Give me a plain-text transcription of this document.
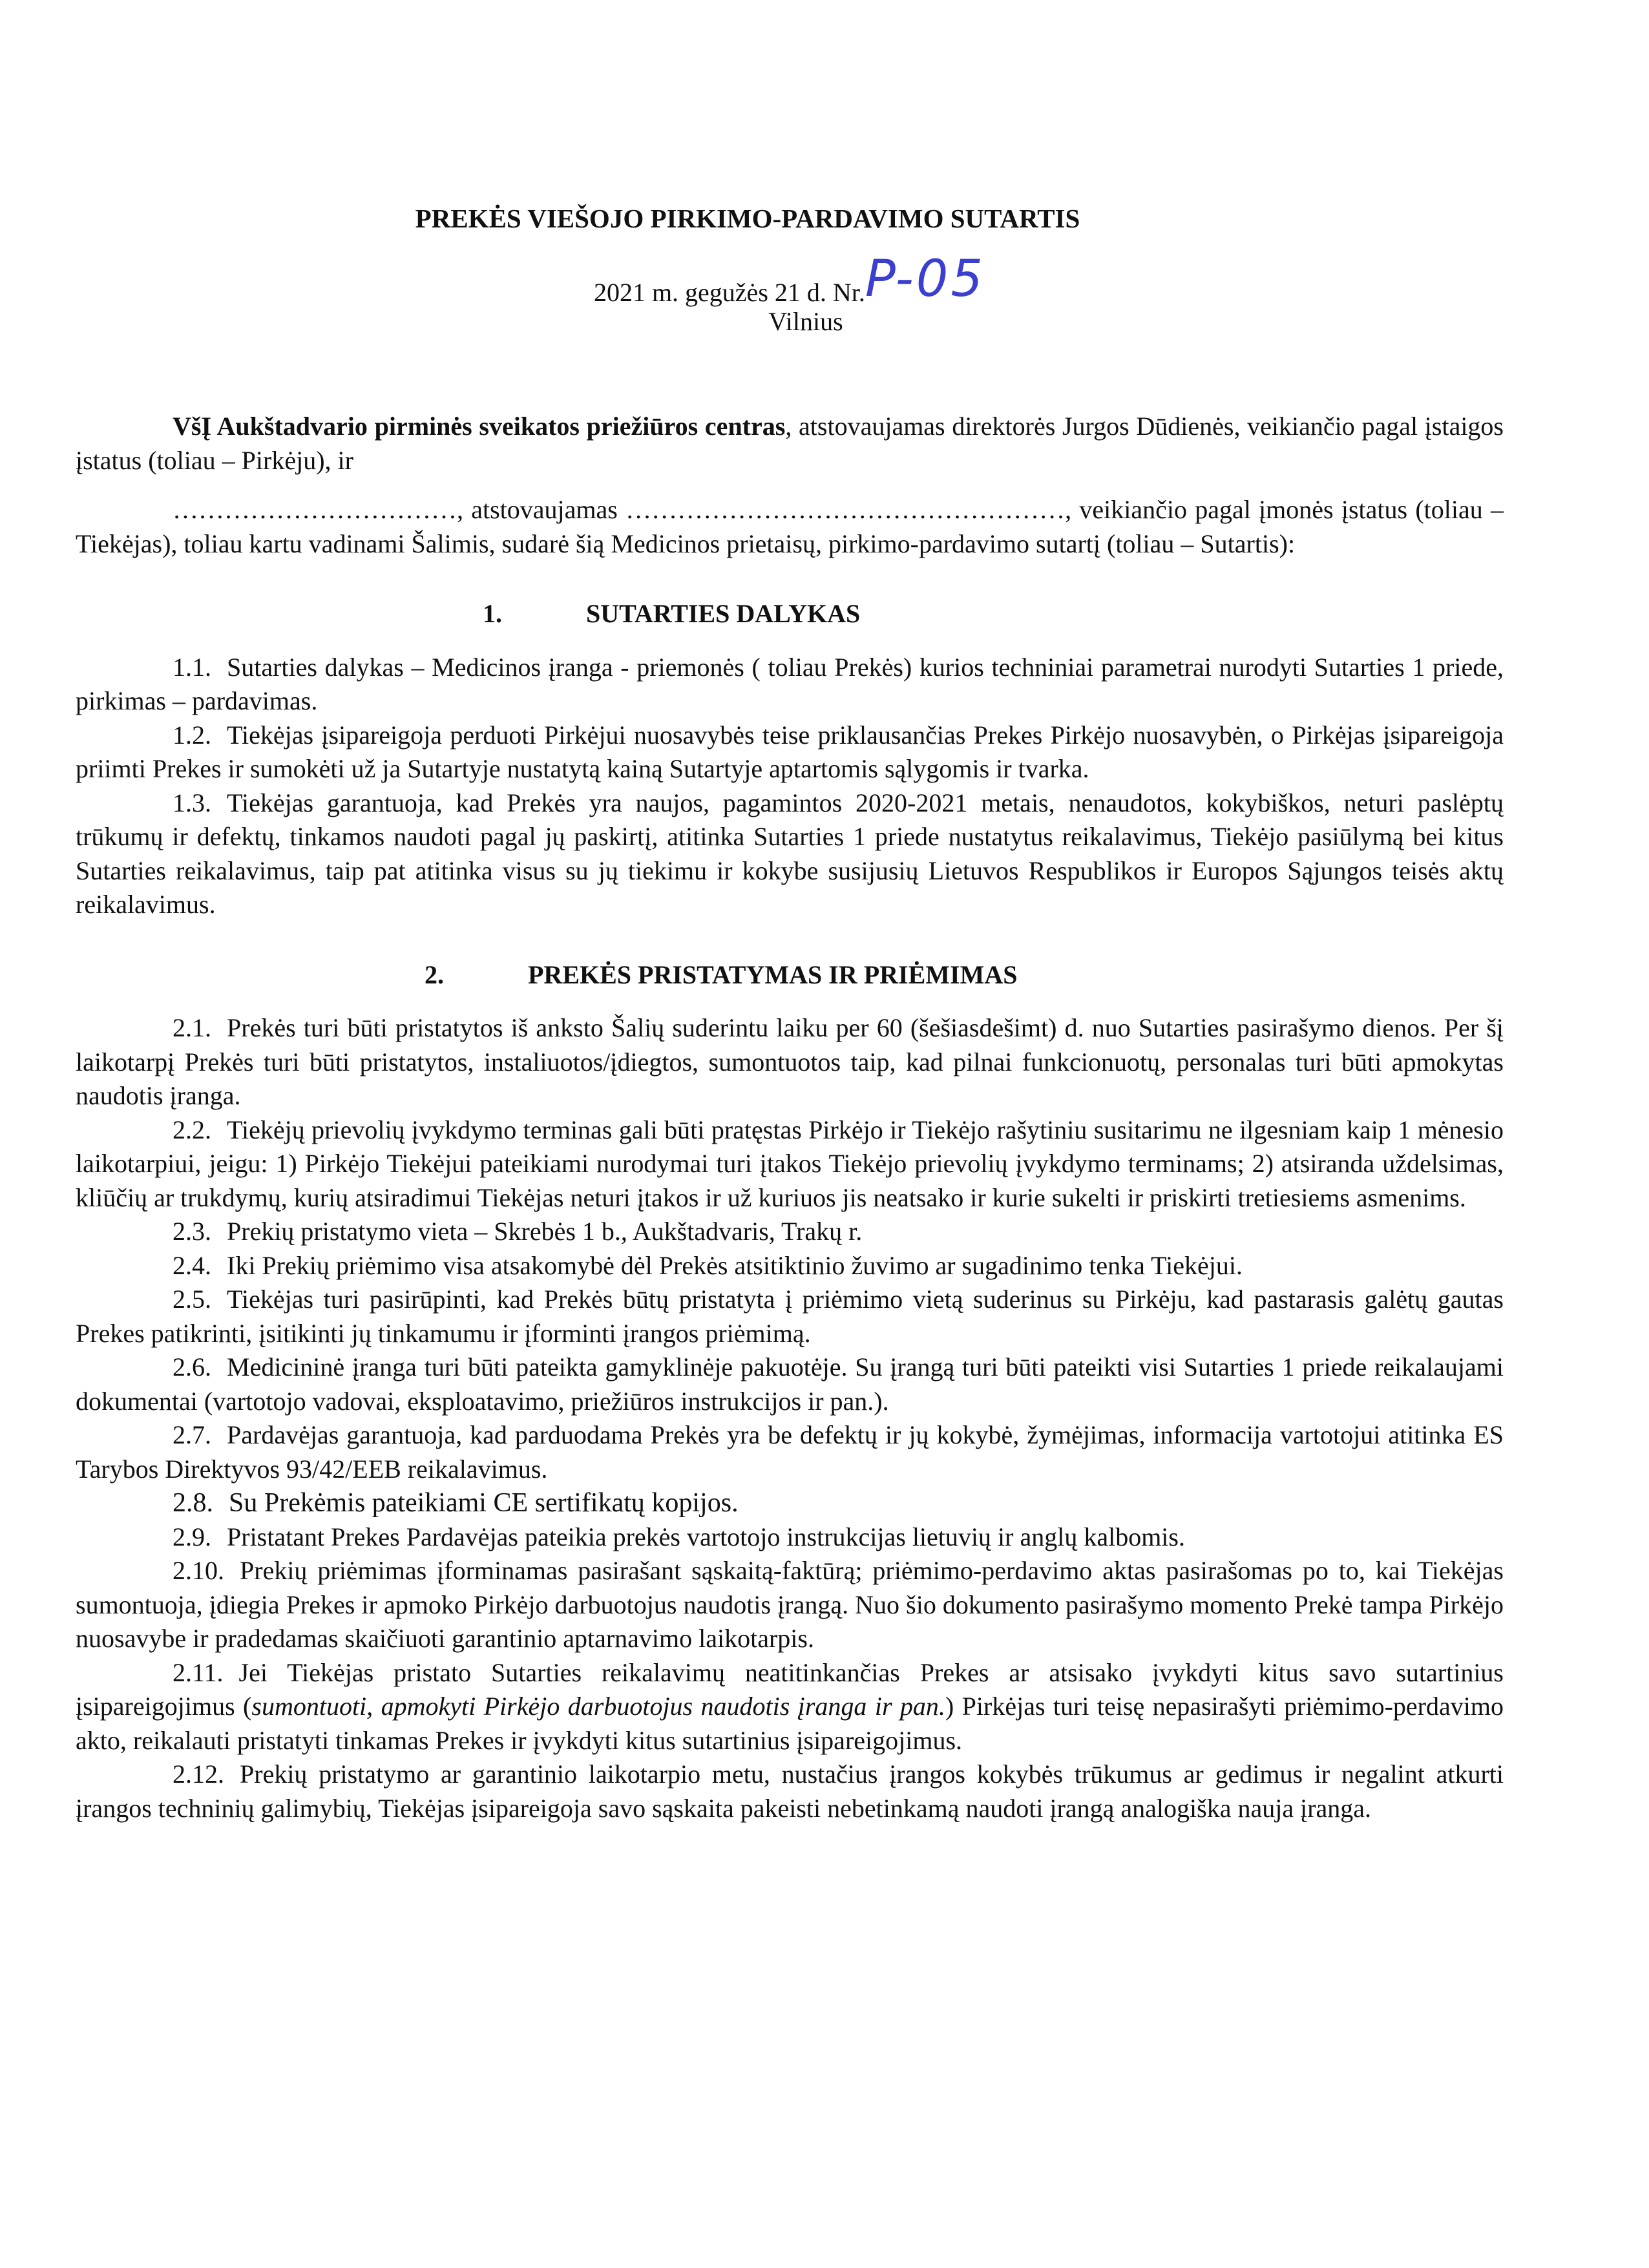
PREKĖS VIEŠOJO PIRKIMO-PARDAVIMO SUTARTIS
2021 m. gegužės 21 d. Nr.P-05
Vilnius

VšĮ Aukštadvario pirminės sveikatos priežiūros centras, atstovaujamas direktorės Jurgos Dūdienės, veikiančio pagal įstaigos įstatus (toliau – Pirkėju), ir

……………………………, atstovaujamas ……………………………………………, veikiančio pagal įmonės įstatus (toliau – Tiekėjas), toliau kartu vadinami Šalimis, sudarė šią Medicinos prietaisų, pirkimo-pardavimo sutartį (toliau – Sutartis):

1.	SUTARTIES DALYKAS

1.1. Sutarties dalykas – Medicinos įranga - priemonės ( toliau Prekės) kurios techniniai parametrai nurodyti Sutarties 1 priede, pirkimas – pardavimas.

1.2. Tiekėjas įsipareigoja perduoti Pirkėjui nuosavybės teise priklausančias Prekes Pirkėjo nuosavybėn, o Pirkėjas įsipareigoja priimti Prekes ir sumokėti už ja Sutartyje nustatytą kainą Sutartyje aptartomis sąlygomis ir tvarka.

1.3. Tiekėjas garantuoja, kad Prekės yra naujos, pagamintos 2020-2021 metais, nenaudotos, kokybiškos, neturi paslėptų trūkumų ir defektų, tinkamos naudoti pagal jų paskirtį, atitinka Sutarties 1 priede nustatytus reikalavimus, Tiekėjo pasiūlymą bei kitus Sutarties reikalavimus, taip pat atitinka visus su jų tiekimu ir kokybe susijusių Lietuvos Respublikos ir Europos Sąjungos teisės aktų reikalavimus.

2.	PREKĖS PRISTATYMAS IR PRIĖMIMAS

2.1. Prekės turi būti pristatytos iš anksto Šalių suderintu laiku per 60 (šešiasdešimt) d. nuo Sutarties pasirašymo dienos. Per šį laikotarpį Prekės turi būti pristatytos, instaliuotos/įdiegtos, sumontuotos taip, kad pilnai funkcionuotų, personalas turi būti apmokytas naudotis įranga.

2.2. Tiekėjų prievolių įvykdymo terminas gali būti pratęstas Pirkėjo ir Tiekėjo rašytiniu susitarimu ne ilgesniam kaip 1 mėnesio laikotarpiui, jeigu: 1) Pirkėjo Tiekėjui pateikiami nurodymai turi įtakos Tiekėjo prievolių įvykdymo terminams; 2) atsiranda uždelsimas, kliūčių ar trukdymų, kurių atsiradimui Tiekėjas neturi įtakos ir už kuriuos jis neatsako ir kurie sukelti ir priskirti tretiesiems asmenims.

2.3. Prekių pristatymo vieta – Skrebės 1 b., Aukštadvaris, Trakų r.

2.4. Iki Prekių priėmimo visa atsakomybė dėl Prekės atsitiktinio žuvimo ar sugadinimo tenka Tiekėjui.

2.5. Tiekėjas turi pasirūpinti, kad Prekės būtų pristatyta į priėmimo vietą suderinus su Pirkėju, kad pastarasis galėtų gautas Prekes patikrinti, įsitikinti jų tinkamumu ir įforminti įrangos priėmimą.

2.6. Medicininė įranga turi būti pateikta gamyklinėje pakuotėje. Su įrangą turi būti pateikti visi Sutarties 1 priede reikalaujami dokumentai (vartotojo vadovai, eksploatavimo, priežiūros instrukcijos ir pan.).

2.7. Pardavėjas garantuoja, kad parduodama Prekės yra be defektų ir jų kokybė, žymėjimas, informacija vartotojui atitinka ES Tarybos Direktyvos 93/42/EEB reikalavimus.

2.8. Su Prekėmis pateikiami CE sertifikatų kopijos.

2.9. Pristatant Prekes Pardavėjas pateikia prekės vartotojo instrukcijas lietuvių ir anglų kalbomis.

2.10. Prekių priėmimas įforminamas pasirašant sąskaitą-faktūrą; priėmimo-perdavimo aktas pasirašomas po to, kai Tiekėjas sumontuoja, įdiegia Prekes ir apmoko Pirkėjo darbuotojus naudotis įrangą. Nuo šio dokumento pasirašymo momento Prekė tampa Pirkėjo nuosavybe ir pradedamas skaičiuoti garantinio aptarnavimo laikotarpis.

2.11. Jei Tiekėjas pristato Sutarties reikalavimų neatitinkančias Prekes ar atsisako įvykdyti kitus savo sutartinius įsipareigojimus (sumontuoti, apmokyti Pirkėjo darbuotojus naudotis įranga ir pan.) Pirkėjas turi teisę nepasirašyti priėmimo-perdavimo akto, reikalauti pristatyti tinkamas Prekes ir įvykdyti kitus sutartinius įsipareigojimus.

2.12. Prekių pristatymo ar garantinio laikotarpio metu, nustačius įrangos kokybės trūkumus ar gedimus ir negalint atkurti įrangos techninių galimybių, Tiekėjas įsipareigoja savo sąskaita pakeisti nebetinkamą naudoti įrangą analogiška nauja įranga.
